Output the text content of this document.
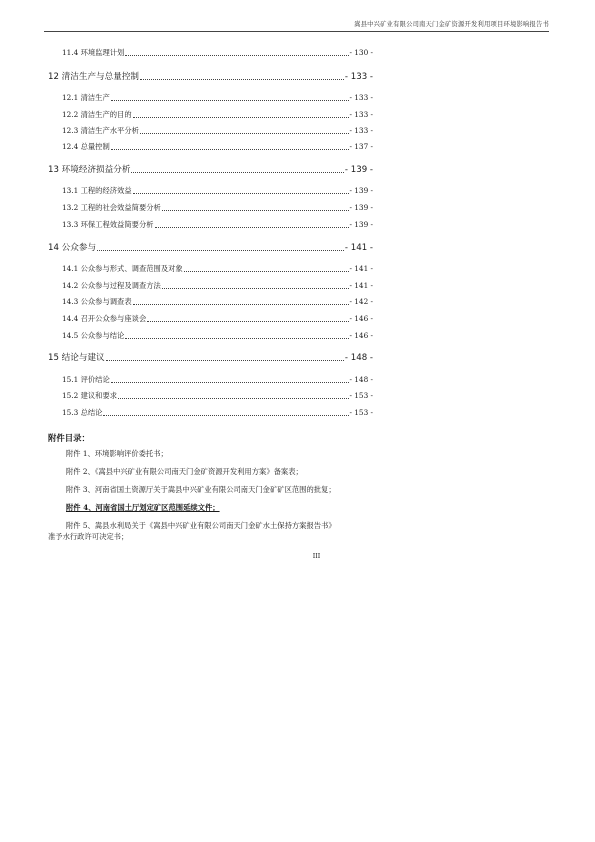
嵩县中兴矿业有限公司南天门金矿资源开发利用项目环境影响报告书
11.4 环境监理计划	- 130 -
12 清洁生产与总量控制	- 133 -
12.1 清洁生产	- 133 -
12.2 清洁生产的目的	- 133 -
12.3 清洁生产水平分析	- 133 -
12.4 总量控制	- 137 -
13 环境经济损益分析	- 139 -
13.1 工程的经济效益	- 139 -
13.2 工程的社会效益简要分析	- 139 -
13.3 环保工程效益简要分析	- 139 -
14 公众参与	- 141 -
14.1 公众参与形式、调查范围及对象	- 141 -
14.2 公众参与过程及调查方法	- 141 -
14.3 公众参与调查表	- 142 -
14.4 召开公众参与座谈会	- 146 -
14.5 公众参与结论	- 146 -
15 结论与建议	- 148 -
15.1 评价结论	- 148 -
15.2 建议和要求	- 153 -
15.3 总结论	- 153 -
附件目录：
附件 1、环境影响评价委托书；
附件 2、《嵩县中兴矿业有限公司南天门金矿资源开发利用方案》备案表；
附件 3、河南省国土资源厅关于嵩县中兴矿业有限公司南天门金矿矿区范围的批复；
附件 4、河南省国土厅划定矿区范围延续文件；
附件 5、嵩县水利局关于《嵩县中兴矿业有限公司南天门金矿水土保持方案报告书》
准予水行政许可决定书；
III
